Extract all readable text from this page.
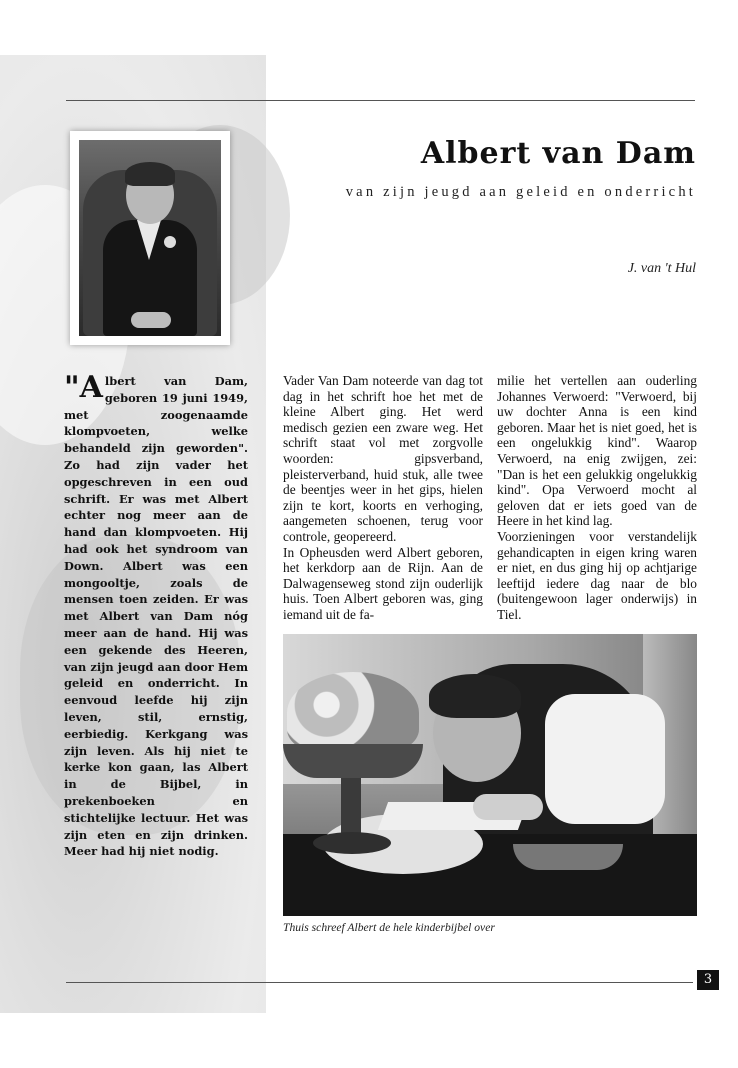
Albert van Dam

van zijn jeugd aan geleid en onderricht

J. van 't Hul

"Albert van Dam, geboren 19 juni 1949, met zoogenaamde klompvoeten, welke behandeld zijn geworden". Zo had zijn vader het opgeschreven in een oud schrift. Er was met Albert echter nog meer aan de hand dan klompvoeten. Hij had ook het syndroom van Down. Albert was een mongooltje, zoals de mensen toen zeiden. Er was met Albert van Dam nóg meer aan de hand. Hij was een gekende des Heeren, van zijn jeugd aan door Hem geleid en onderricht. In eenvoud leefde hij zijn leven, stil, ernstig, eerbiedig. Kerkgang was zijn leven. Als hij niet te kerke kon gaan, las Albert in de Bijbel, in prekenboeken en stichtelijke lectuur. Het was zijn eten en zijn drinken. Meer had hij niet nodig.

Vader Van Dam noteerde van dag tot dag in het schrift hoe het met de kleine Albert ging. Het werd medisch gezien een zware weg. Het schrift staat vol met zorgvolle woorden: gipsverband, pleisterverband, huid stuk, alle twee de beentjes weer in het gips, hielen zijn te kort, koorts en verhoging, aangemeten schoenen, terug voor controle, geopereerd.

In Opheusden werd Albert geboren, het kerkdorp aan de Rijn. Aan de Dalwagenseweg stond zijn ouderlijk huis. Toen Albert geboren was, ging iemand uit de fa-

milie het vertellen aan ouderling Johannes Verwoerd: "Verwoerd, bij uw dochter Anna is een kind geboren. Maar het is niet goed, het is een ongelukkig kind". Waarop Verwoerd, na enig zwijgen, zei: "Dan is het een gelukkig ongelukkig kind". Opa Verwoerd mocht al geloven dat er iets goed van de Heere in het kind lag.

Voorzieningen voor verstandelijk gehandicapten in eigen kring waren er niet, en dus ging hij op achtjarige leeftijd iedere dag naar de blo (buitengewoon lager onderwijs) in Tiel.

Thuis schreef Albert de hele kinderbijbel over

3
